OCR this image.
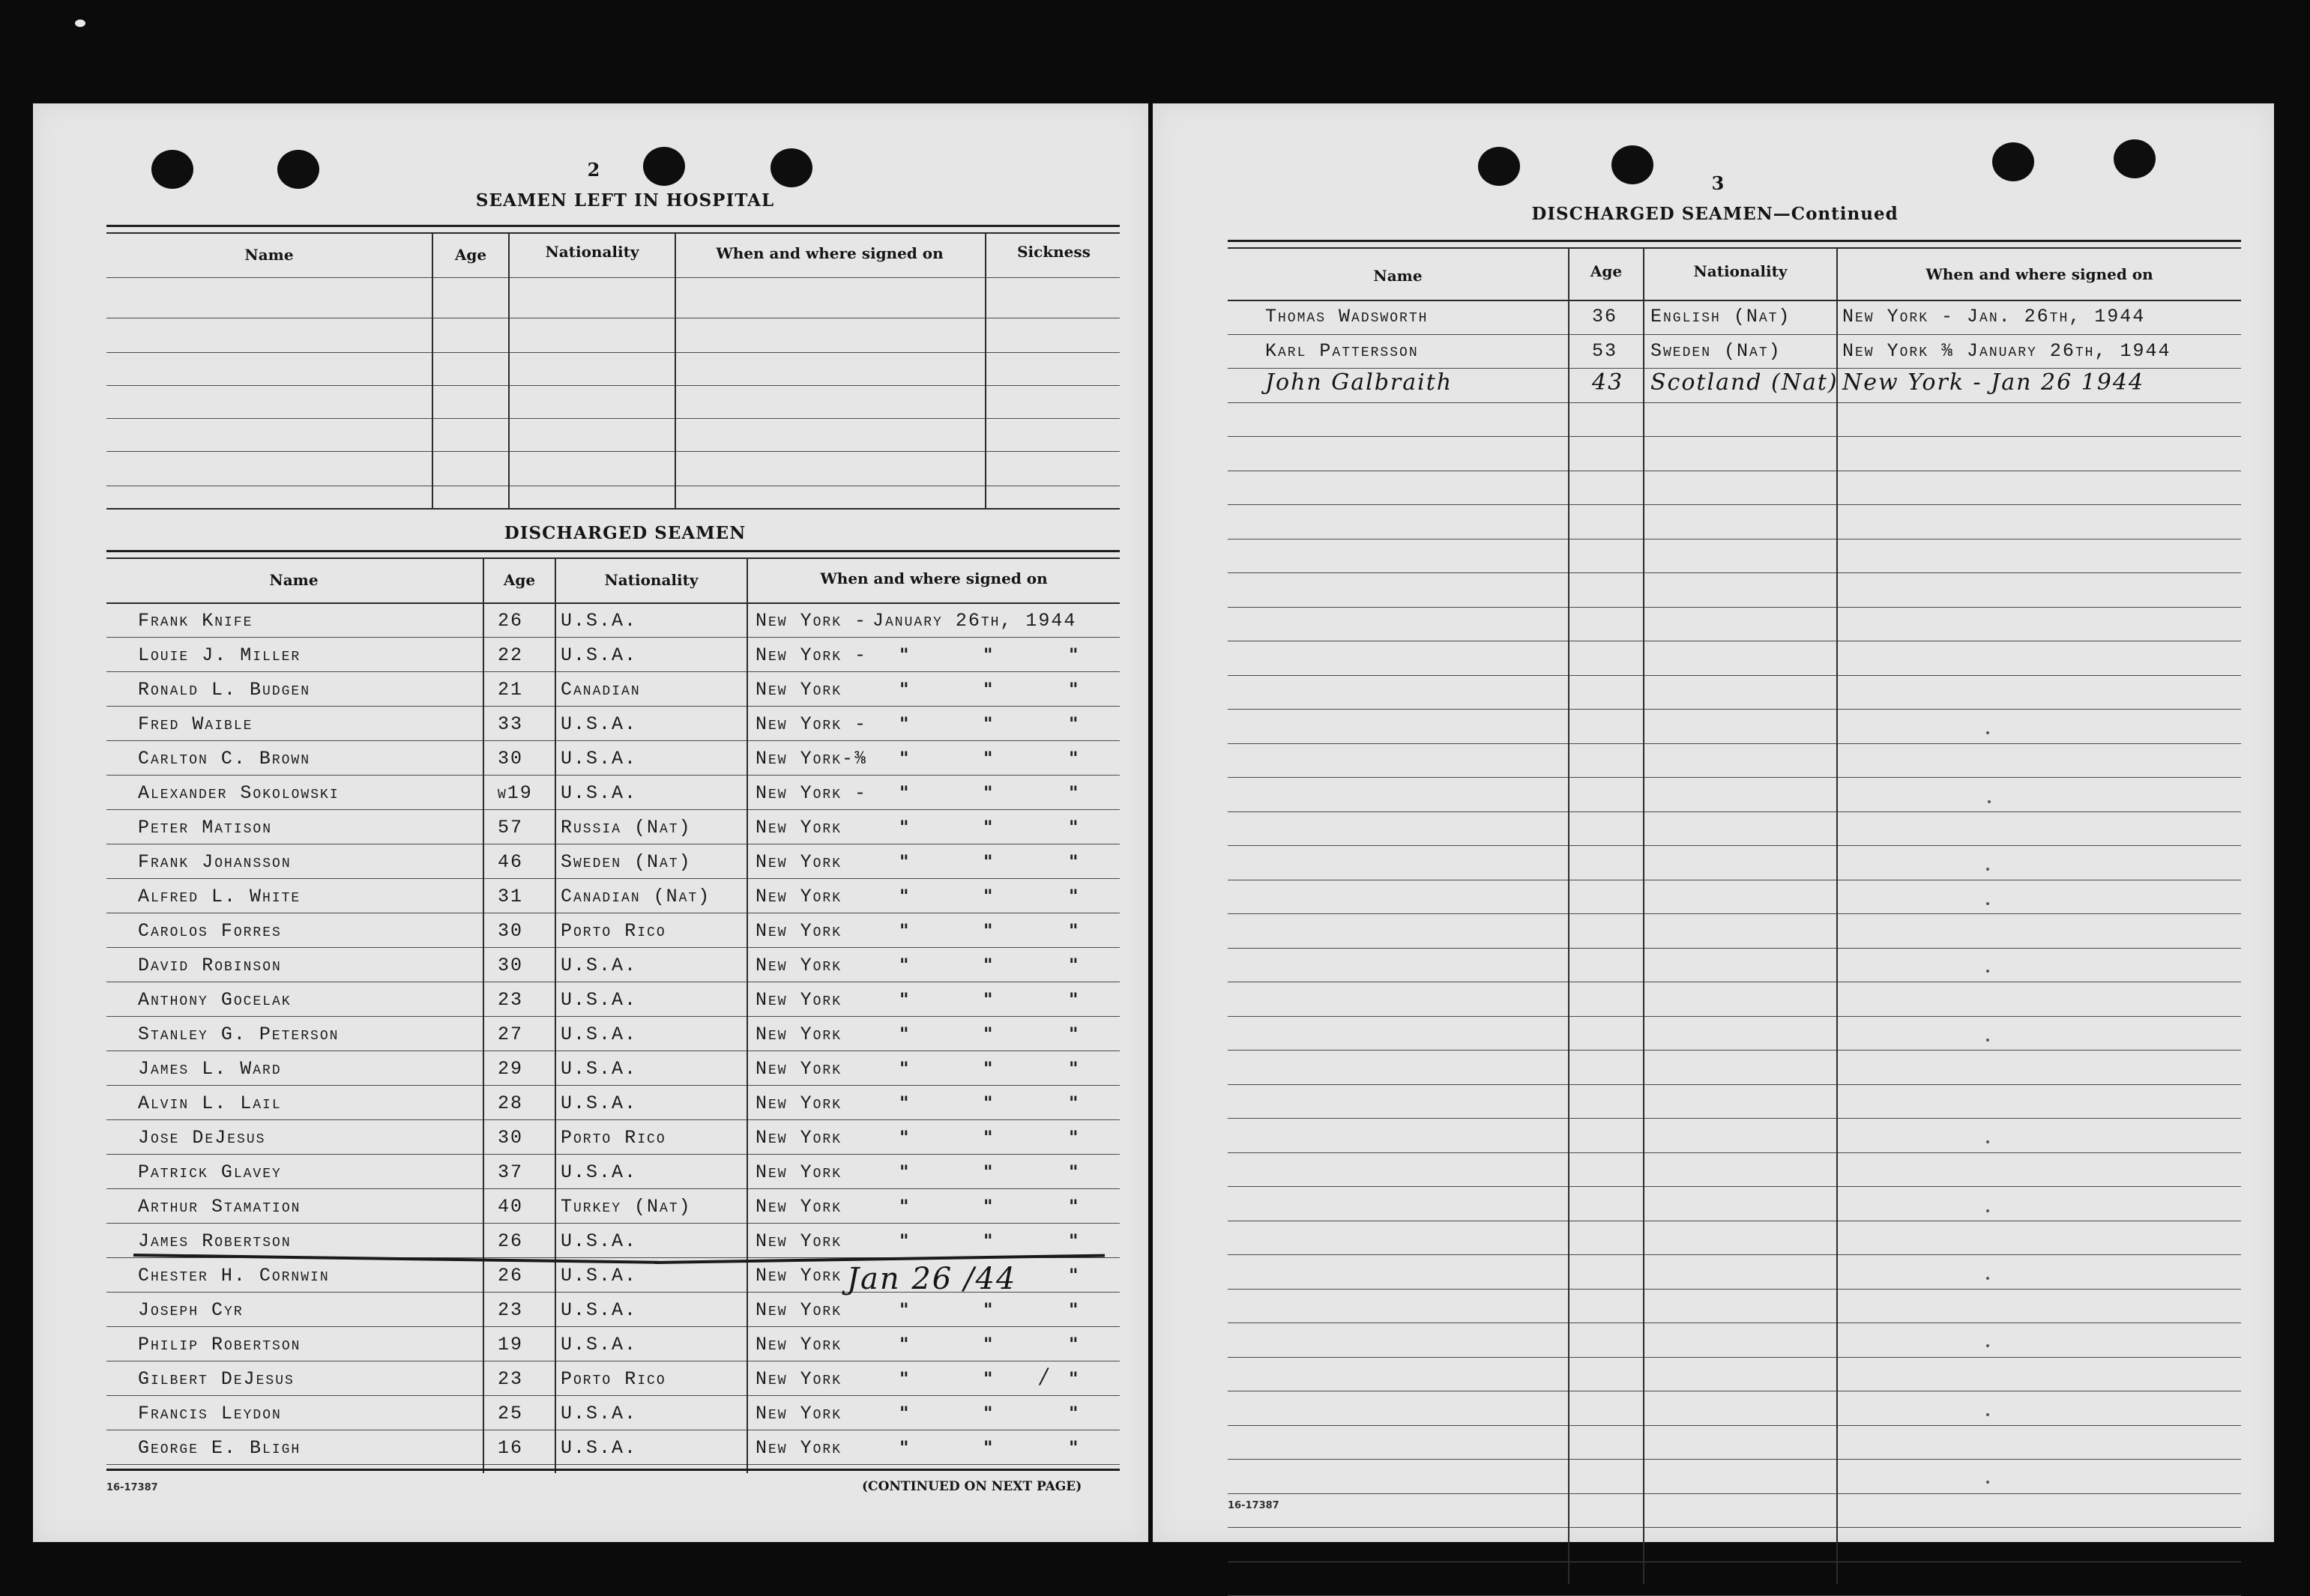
2
SEAMEN LEFT IN HOSPITAL
Name	Age	Nationality	When and where signed on	Sickness
DISCHARGED SEAMEN
Name	Age	Nationality	When and where signed on
Frank Knife	26 U.S.A.	New York - January 26th, 1944
Louie J. Miller	22 U.S.A.	New York - "	"	"
Ronald L. Budgen	21 Canadian	New York	"	"	"
Fred Waible	33 U.S.A.	New York - "	"	"
Carlton C. Brown	30 U.S.A.	New York-⅜ "	"	"
Alexander Sokolowski	w19 U.S.A.	New York - "	"	"
Peter Matison	57 Russia (Nat)	New York	"	"	"
Frank Johansson	46 Sweden (Nat)	New York	"	"	"
Alfred L. White	31 Canadian (Nat) New York	"	"	"
Carolos Forres	30 Porto Rico	New York	"	"	"
David Robinson	30 U.S.A.	New York	"	"	"
Anthony Gocelak	23 U.S.A.	New York	"	"	"
Stanley G. Peterson	27 U.S.A.	New York	"	"	"
James L. Ward	29 U.S.A.	New York	"	"	"
Alvin L. Lail	28 U.S.A.	New York	"	"	"
Jose DeJesus	30 Porto Rico	New York	"	"	"
Patrick Glavey	37 U.S.A.	New York	"	"	"
Arthur Stamation	40 Turkey (Nat)	New York	"	"	"
James Robertson	26 U.S.A.	New York	"	"	"
Chester H. Cornwin	26 U.S.A.	New York	"
Joseph Cyr	23 U.S.A.	New York	"	"	"
Philip Robertson	19 U.S.A.	New York	"	"	"
Gilbert DeJesus	23 Porto Rico	New York	"	"	"
Francis Leydon	25 U.S.A.	New York	"	"	"
George E. Bligh	16 U.S.A.	New York	"	"	"
Jan 26 /44
/
16-17387	(CONTINUED ON NEXT PAGE)
3
DISCHARGED SEAMEN—Continued
Name	Age	Nationality	When and where signed on
Thomas Wadsworth	36 English (Nat)	New York - Jan. 26th, 1944
Karl Pattersson	53 Sweden (Nat)	New York ⅜ January 26th, 1944
John Galbraith	43 Scotland (Nat) New York - Jan 26 1944
16-17387
